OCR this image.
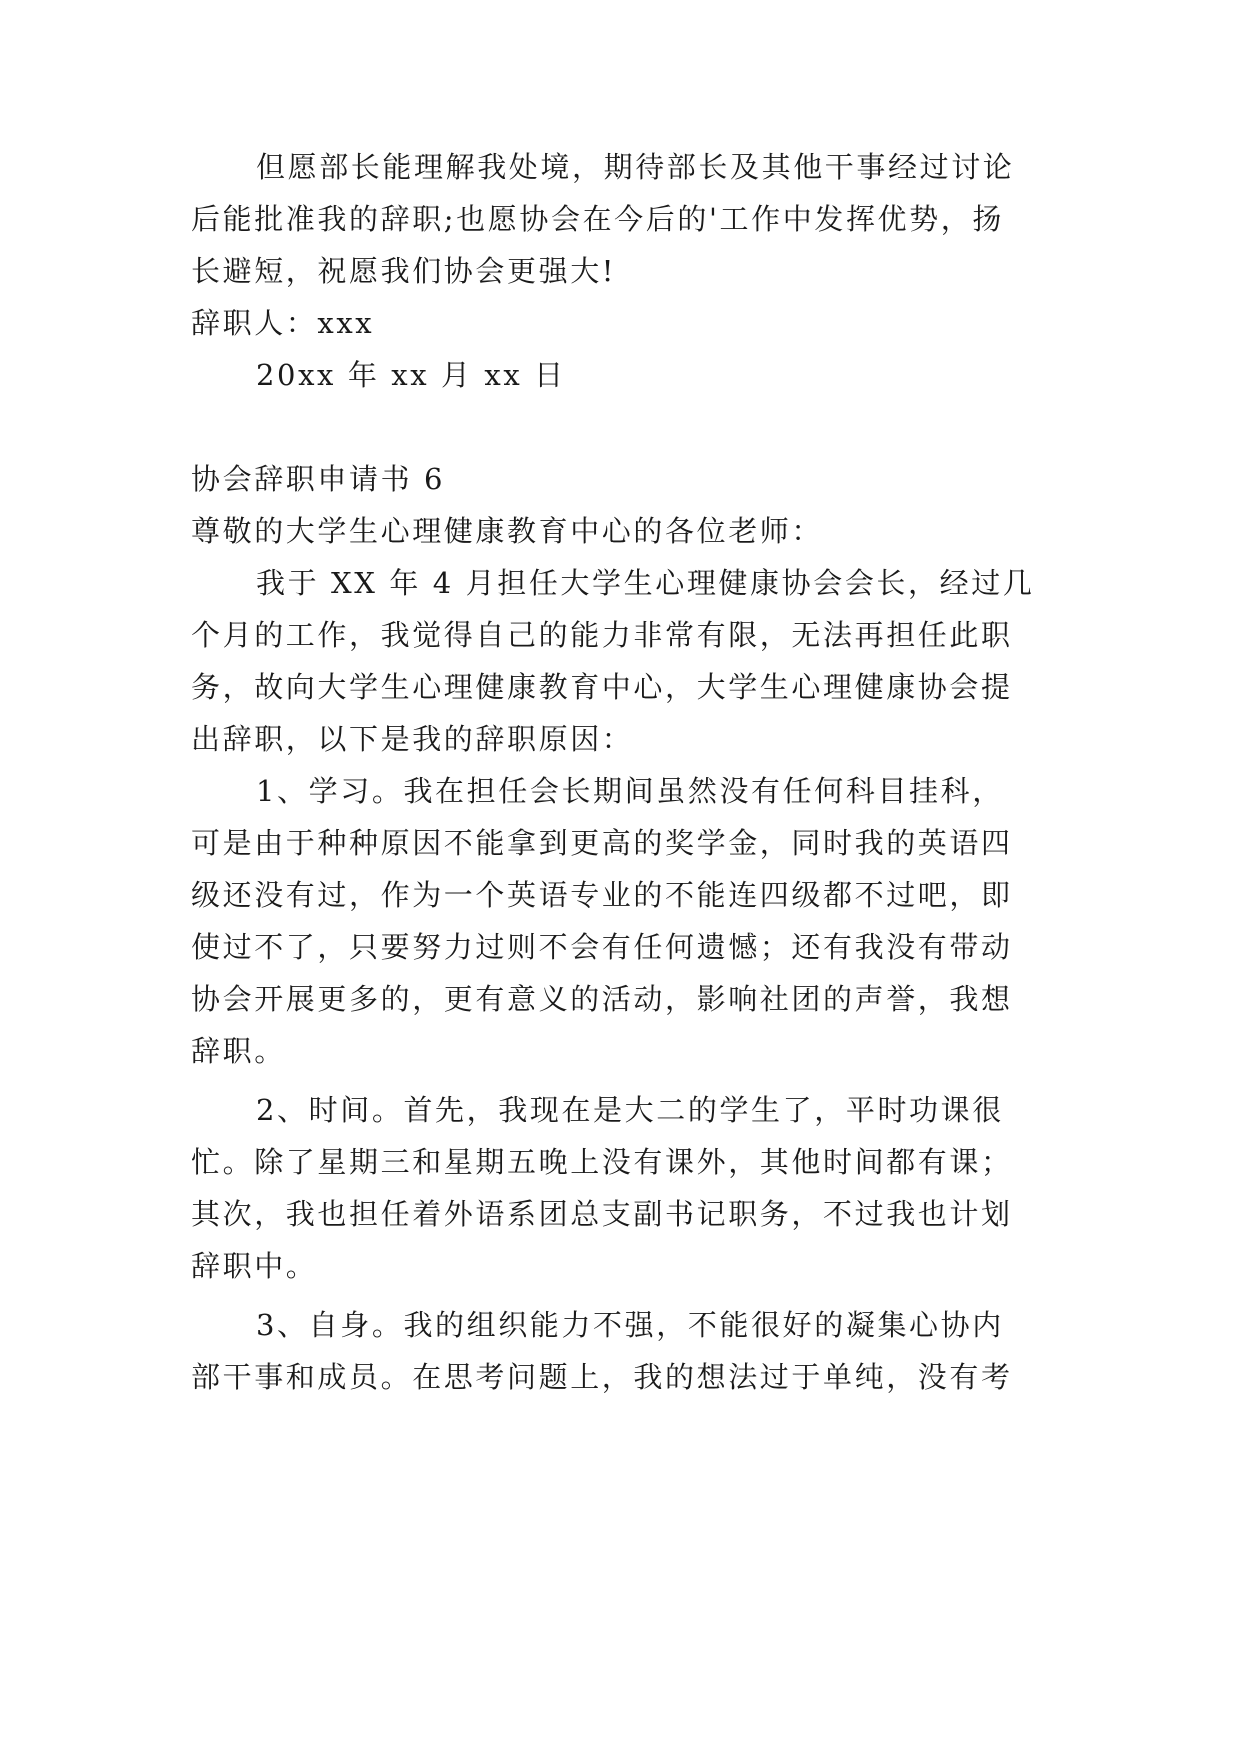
但愿部长能理解我处境，期待部长及其他干事经过讨论
后能批准我的辞职;也愿协会在今后的'工作中发挥优势，扬
长避短，祝愿我们协会更强大!
辞职人：xxx
20xx 年 xx 月 xx 日
协会辞职申请书 6
尊敬的大学生心理健康教育中心的各位老师：
我于 XX 年 4 月担任大学生心理健康协会会长，经过几
个月的工作，我觉得自己的能力非常有限，无法再担任此职
务，故向大学生心理健康教育中心，大学生心理健康协会提
出辞职，以下是我的辞职原因：
1、学习。我在担任会长期间虽然没有任何科目挂科，
可是由于种种原因不能拿到更高的奖学金，同时我的英语四
级还没有过，作为一个英语专业的不能连四级都不过吧，即
使过不了，只要努力过则不会有任何遗憾；还有我没有带动
协会开展更多的，更有意义的活动，影响社团的声誉，我想
辞职。
2、时间。首先，我现在是大二的学生了，平时功课很
忙。除了星期三和星期五晚上没有课外，其他时间都有课；
其次，我也担任着外语系团总支副书记职务，不过我也计划
辞职中。
3、自身。我的组织能力不强，不能很好的凝集心协内
部干事和成员。在思考问题上，我的想法过于单纯，没有考
